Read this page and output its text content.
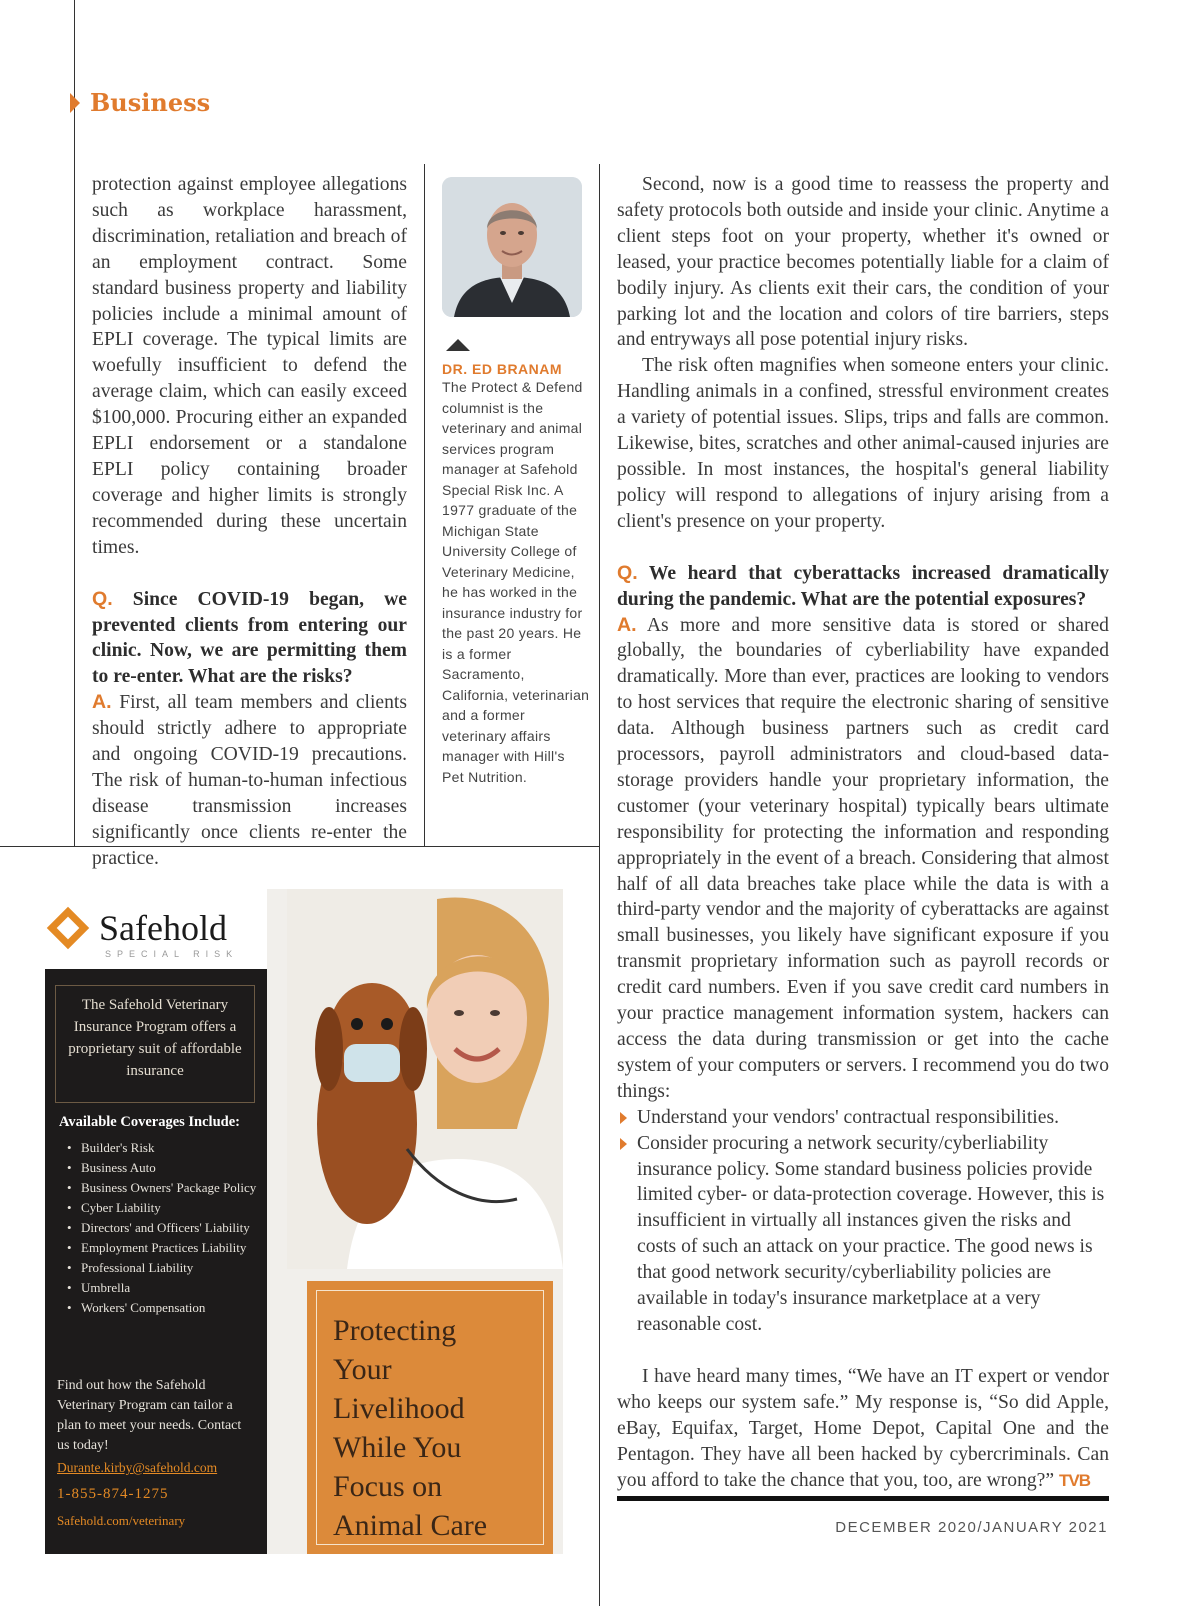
Business

protection against employee allegations such as workplace harassment, discrimination, retaliation and breach of an employment contract. Some standard business property and liability policies include a minimal amount of EPLI coverage. The typical limits are woefully insufficient to defend the average claim, which can easily exceed $100,000. Procuring either an expanded EPLI endorsement or a standalone EPLI policy containing broader coverage and higher limits is strongly recommended during these uncertain times.

Q. Since COVID-19 began, we prevented clients from entering our clinic. Now, we are permitting them to re-enter. What are the risks?

A. First, all team members and clients should strictly adhere to appropriate and ongoing COVID-19 precautions. The risk of human-to-human infectious disease transmission increases significantly once clients re-enter the practice.

DR. ED BRANAM
The Protect & Defend columnist is the veterinary and animal services program manager at Safehold Special Risk Inc. A 1977 graduate of the Michigan State University College of Veterinary Medicine, he has worked in the insurance industry for the past 20 years. He is a former Sacramento, California, veterinarian and a former veterinary affairs manager with Hill's Pet Nutrition.

Second, now is a good time to reassess the property and safety protocols both outside and inside your clinic. Anytime a client steps foot on your property, whether it's owned or leased, your practice becomes potentially liable for a claim of bodily injury. As clients exit their cars, the condition of your parking lot and the location and colors of tire barriers, steps and entryways all pose potential injury risks.

The risk often magnifies when someone enters your clinic. Handling animals in a confined, stressful environment creates a variety of potential issues. Slips, trips and falls are common. Likewise, bites, scratches and other animal-caused injuries are possible. In most instances, the hospital's general liability policy will respond to allegations of injury arising from a client's presence on your property.

Q. We heard that cyberattacks increased dramatically during the pandemic. What are the potential exposures?

A. As more and more sensitive data is stored or shared globally, the boundaries of cyberliability have expanded dramatically. More than ever, practices are looking to vendors to host services that require the electronic sharing of sensitive data. Although business partners such as credit card processors, payroll administrators and cloud-based data-storage providers handle your proprietary information, the customer (your veterinary hospital) typically bears ultimate responsibility for protecting the information and responding appropriately in the event of a breach. Considering that almost half of all data breaches take place while the data is with a third-party vendor and the majority of cyberattacks are against small businesses, you likely have significant exposure if you transmit proprietary information such as payroll records or credit card numbers. Even if you save credit card numbers in your practice management information system, hackers can access the data during transmission or get into the cache system of your computers or servers. I recommend you do two things:

Understand your vendors' contractual responsibilities.
Consider procuring a network security/cyberliability insurance policy. Some standard business policies provide limited cyber- or data-protection coverage. However, this is insufficient in virtually all instances given the risks and costs of such an attack on your practice. The good news is that good network security/cyberliability policies are available in today's insurance marketplace at a very reasonable cost.

I have heard many times, “We have an IT expert or vendor who keeps our system safe.” My response is, “So did Apple, eBay, Equifax, Target, Home Depot, Capital One and the Pentagon. They have all been hacked by cybercriminals. Can you afford to take the chance that you, too, are wrong?” TVB

DECEMBER 2020/JANUARY 2021
Safehold
SPECIAL RISK
The Safehold Veterinary Insurance Program offers a proprietary suit of affordable insurance
Available Coverages Include:
• Builder's Risk
• Business Auto
• Business Owners' Package Policy
• Cyber Liability
• Directors' and Officers' Liability
• Employment Practices Liability
• Professional Liability
• Umbrella
• Workers' Compensation
Find out how the Safehold Veterinary Program can tailor a plan to meet your needs. Contact us today!
Durante.kirby@safehold.com
1-855-874-1275
Safehold.com/veterinary
Protecting
Your
Livelihood
While You
Focus on
Animal Care
